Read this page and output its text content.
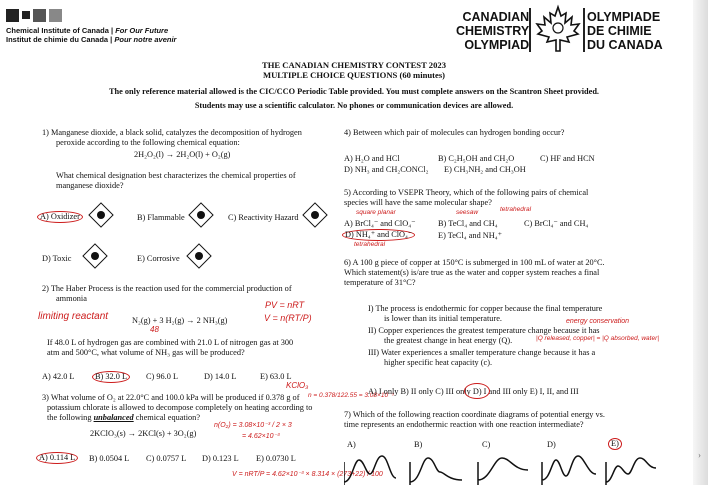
Chemical Institute of Canada | For Our Future
Institut de chimie du Canada | Pour notre avenir
CANADIAN
CHEMISTRY
OLYMPIAD
OLYMPIADE
DE CHIMIE
DU CANADA
THE CANADIAN CHEMISTRY CONTEST 2023
MULTIPLE CHOICE QUESTIONS (60 minutes)
The only reference material allowed is the CIC/CCO Periodic Table provided. You must complete answers on the Scantron Sheet provided.
Students may use a scientific calculator. No phones or communication devices are allowed.
1) Manganese dioxide, a black solid, catalyzes the decomposition of hydrogen
peroxide according to the following chemical equation:
2H₂O₂(l) → 2H₂O(l) + O₂(g)
What chemical designation best characterizes the chemical properties of
manganese dioxide?
A) Oxidizer	B) Flammable	C) Reactivity Hazard
D) Toxic	E) Corrosive
2) The Haber Process is the reaction used for the commercial production of
ammonia
limiting reactant	N₂(g) + 3 H₂(g) → 2 NH₃(g)
48
PV = nRT
V = n(RT/P)
If 48.0 L of hydrogen gas are combined with 21.0 L of nitrogen gas at 300
atm and 500°C, what volume of NH₃ gas will be produced?
A) 42.0 L	B) 32.0 L	C) 96.0 L	D) 14.0 L	E) 63.0 L
KClO₃
3) What volume of O₂ at 22.0°C and 100.0 kPa will be produced if 0.378 g of n = 0.378/122.55 = 3.08×10⁻³
potassium chlorate is allowed to decompose completely on heating according to
the following unbalanced chemical equation?
2KClO₃(s) → 2KCl(s) + 3O₂(g)
n(O₂) = 3.08×10⁻³ / 2 × 3
= 4.62×10⁻³
A) 0.114 L	B) 0.0504 L C) 0.0757 L D) 0.123 L E) 0.0730 L
V = nRT/P = 4.62×10⁻³ × 8.314 × (273+22) / 100
4) Between which pair of molecules can hydrogen bonding occur?
A) H₂O and HCl	B) C₂H₅OH and CH₂O	C) HF and HCN
D) NH₃ and CH₂CONCl₂ E) CH₃NH₂ and CH₃OH
5) According to VSEPR Theory, which of the following pairs of chemical
species will have the same molecular shape?
square planar	seesaw	tetrahedral
A) BrCl₄⁻ and ClO₄⁻	B) TeCl₄ and CH₄	C) BrCl₄⁻ and CH₄
D) NH₄⁺ and ClO₄⁻	E) TeCl₄ and NH₄⁺
tetrahedral
6) A 100 g piece of copper at 150°C is submerged in 100 mL of water at 20°C.
Which statement(s) is/are true as the water and copper system reaches a final
temperature of 31°C?
I) The process is endothermic for copper because the final temperature
is lower than its initial temperature.	energy conservation
II) Copper experiences the greatest temperature change because it has
the greatest change in heat energy (Q).	|Q released, copper| = |Q absorbed, water|
III) Water experiences a smaller temperature change because it has a
higher specific heat capacity (c).
A) I only B) II only C) III only D) I and III only E) I, II, and III
7) Which of the following reaction coordinate diagrams of potential energy vs.
time represents an endothermic reaction with one reaction intermediate?
A)	B)	C)	D)	E)
›
